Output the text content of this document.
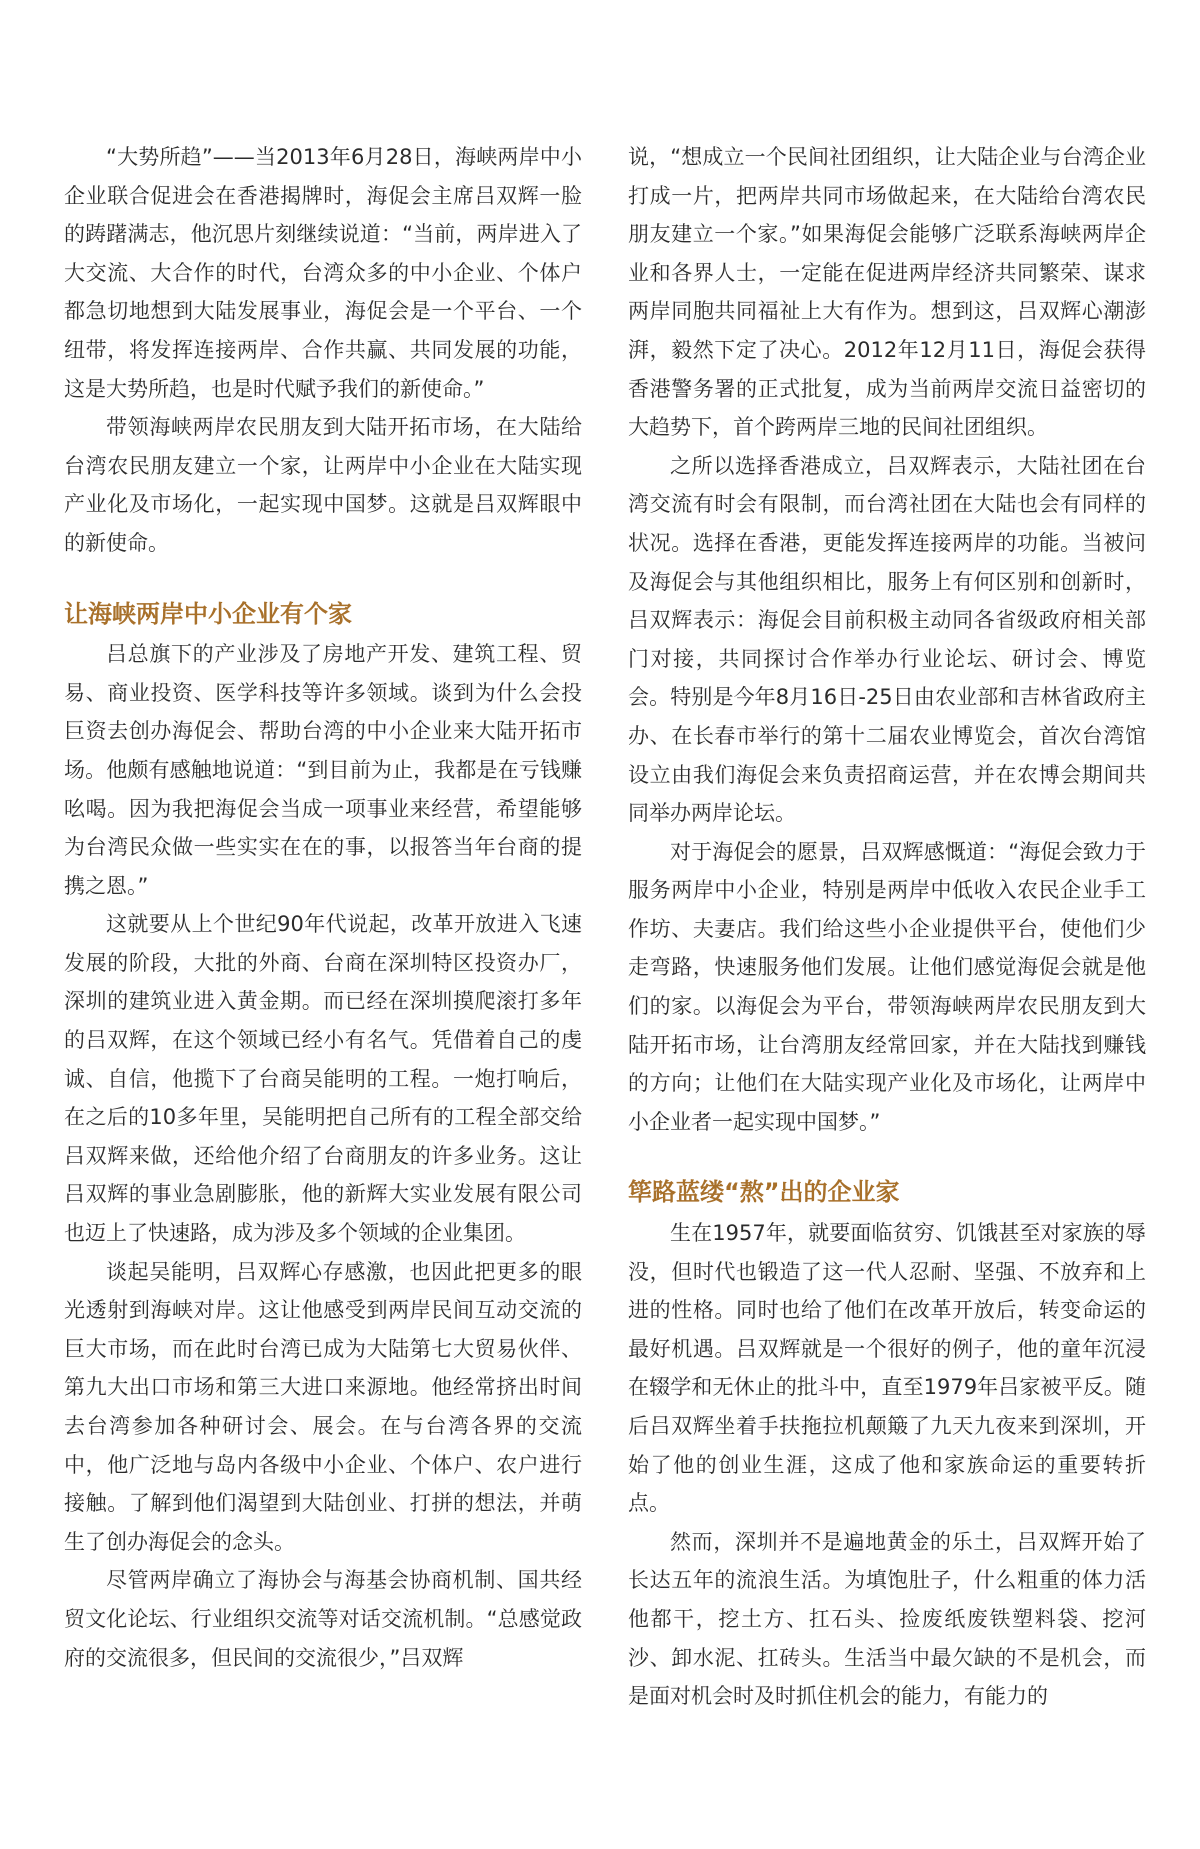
“大势所趋”——当2013年6月28日，海峡两岸中小企业联合促进会在香港揭牌时，海促会主席吕双辉一脸的踌躇满志，他沉思片刻继续说道：“当前，两岸进入了大交流、大合作的时代，台湾众多的中小企业、个体户都急切地想到大陆发展事业，海促会是一个平台、一个纽带，将发挥连接两岸、合作共赢、共同发展的功能，这是大势所趋，也是时代赋予我们的新使命。”

带领海峡两岸农民朋友到大陆开拓市场，在大陆给台湾农民朋友建立一个家，让两岸中小企业在大陆实现产业化及市场化，一起实现中国梦。这就是吕双辉眼中的新使命。

让海峡两岸中小企业有个家

吕总旗下的产业涉及了房地产开发、建筑工程、贸易、商业投资、医学科技等许多领域。谈到为什么会投巨资去创办海促会、帮助台湾的中小企业来大陆开拓市场。他颇有感触地说道：“到目前为止，我都是在亏钱赚吆喝。因为我把海促会当成一项事业来经营，希望能够为台湾民众做一些实实在在的事，以报答当年台商的提携之恩。”

这就要从上个世纪90年代说起，改革开放进入飞速发展的阶段，大批的外商、台商在深圳特区投资办厂，深圳的建筑业进入黄金期。而已经在深圳摸爬滚打多年的吕双辉，在这个领域已经小有名气。凭借着自己的虔诚、自信，他揽下了台商吴能明的工程。一炮打响后，在之后的10多年里，吴能明把自己所有的工程全部交给吕双辉来做，还给他介绍了台商朋友的许多业务。这让吕双辉的事业急剧膨胀，他的新辉大实业发展有限公司也迈上了快速路，成为涉及多个领域的企业集团。

谈起吴能明，吕双辉心存感激，也因此把更多的眼光透射到海峡对岸。这让他感受到两岸民间互动交流的巨大市场，而在此时台湾已成为大陆第七大贸易伙伴、第九大出口市场和第三大进口来源地。他经常挤出时间去台湾参加各种研讨会、展会。在与台湾各界的交流中，他广泛地与岛内各级中小企业、个体户、农户进行接触。了解到他们渴望到大陆创业、打拼的想法，并萌生了创办海促会的念头。

尽管两岸确立了海协会与海基会协商机制、国共经贸文化论坛、行业组织交流等对话交流机制。“总感觉政府的交流很多，但民间的交流很少，”吕双辉

说，“想成立一个民间社团组织，让大陆企业与台湾企业打成一片，把两岸共同市场做起来，在大陆给台湾农民朋友建立一个家。”如果海促会能够广泛联系海峡两岸企业和各界人士，一定能在促进两岸经济共同繁荣、谋求两岸同胞共同福祉上大有作为。想到这，吕双辉心潮澎湃，毅然下定了决心。2012年12月11日，海促会获得香港警务署的正式批复，成为当前两岸交流日益密切的大趋势下，首个跨两岸三地的民间社团组织。

之所以选择香港成立，吕双辉表示，大陆社团在台湾交流有时会有限制，而台湾社团在大陆也会有同样的状况。选择在香港，更能发挥连接两岸的功能。当被问及海促会与其他组织相比，服务上有何区别和创新时，吕双辉表示：海促会目前积极主动同各省级政府相关部门对接，共同探讨合作举办行业论坛、研讨会、博览会。特别是今年8月16日-25日由农业部和吉林省政府主办、在长春市举行的第十二届农业博览会，首次台湾馆设立由我们海促会来负责招商运营，并在农博会期间共同举办两岸论坛。

对于海促会的愿景，吕双辉感慨道：“海促会致力于服务两岸中小企业，特别是两岸中低收入农民企业手工作坊、夫妻店。我们给这些小企业提供平台，使他们少走弯路，快速服务他们发展。让他们感觉海促会就是他们的家。以海促会为平台，带领海峡两岸农民朋友到大陆开拓市场，让台湾朋友经常回家，并在大陆找到赚钱的方向；让他们在大陆实现产业化及市场化，让两岸中小企业者一起实现中国梦。”

筚路蓝缕“熬”出的企业家

生在1957年，就要面临贫穷、饥饿甚至对家族的辱没，但时代也锻造了这一代人忍耐、坚强、不放弃和上进的性格。同时也给了他们在改革开放后，转变命运的最好机遇。吕双辉就是一个很好的例子，他的童年沉浸在辍学和无休止的批斗中，直至1979年吕家被平反。随后吕双辉坐着手扶拖拉机颠簸了九天九夜来到深圳，开始了他的创业生涯，这成了他和家族命运的重要转折点。

然而，深圳并不是遍地黄金的乐土，吕双辉开始了长达五年的流浪生活。为填饱肚子，什么粗重的体力活他都干，挖土方、扛石头、捡废纸废铁塑料袋、挖河沙、卸水泥、扛砖头。生活当中最欠缺的不是机会，而是面对机会时及时抓住机会的能力，有能力的
